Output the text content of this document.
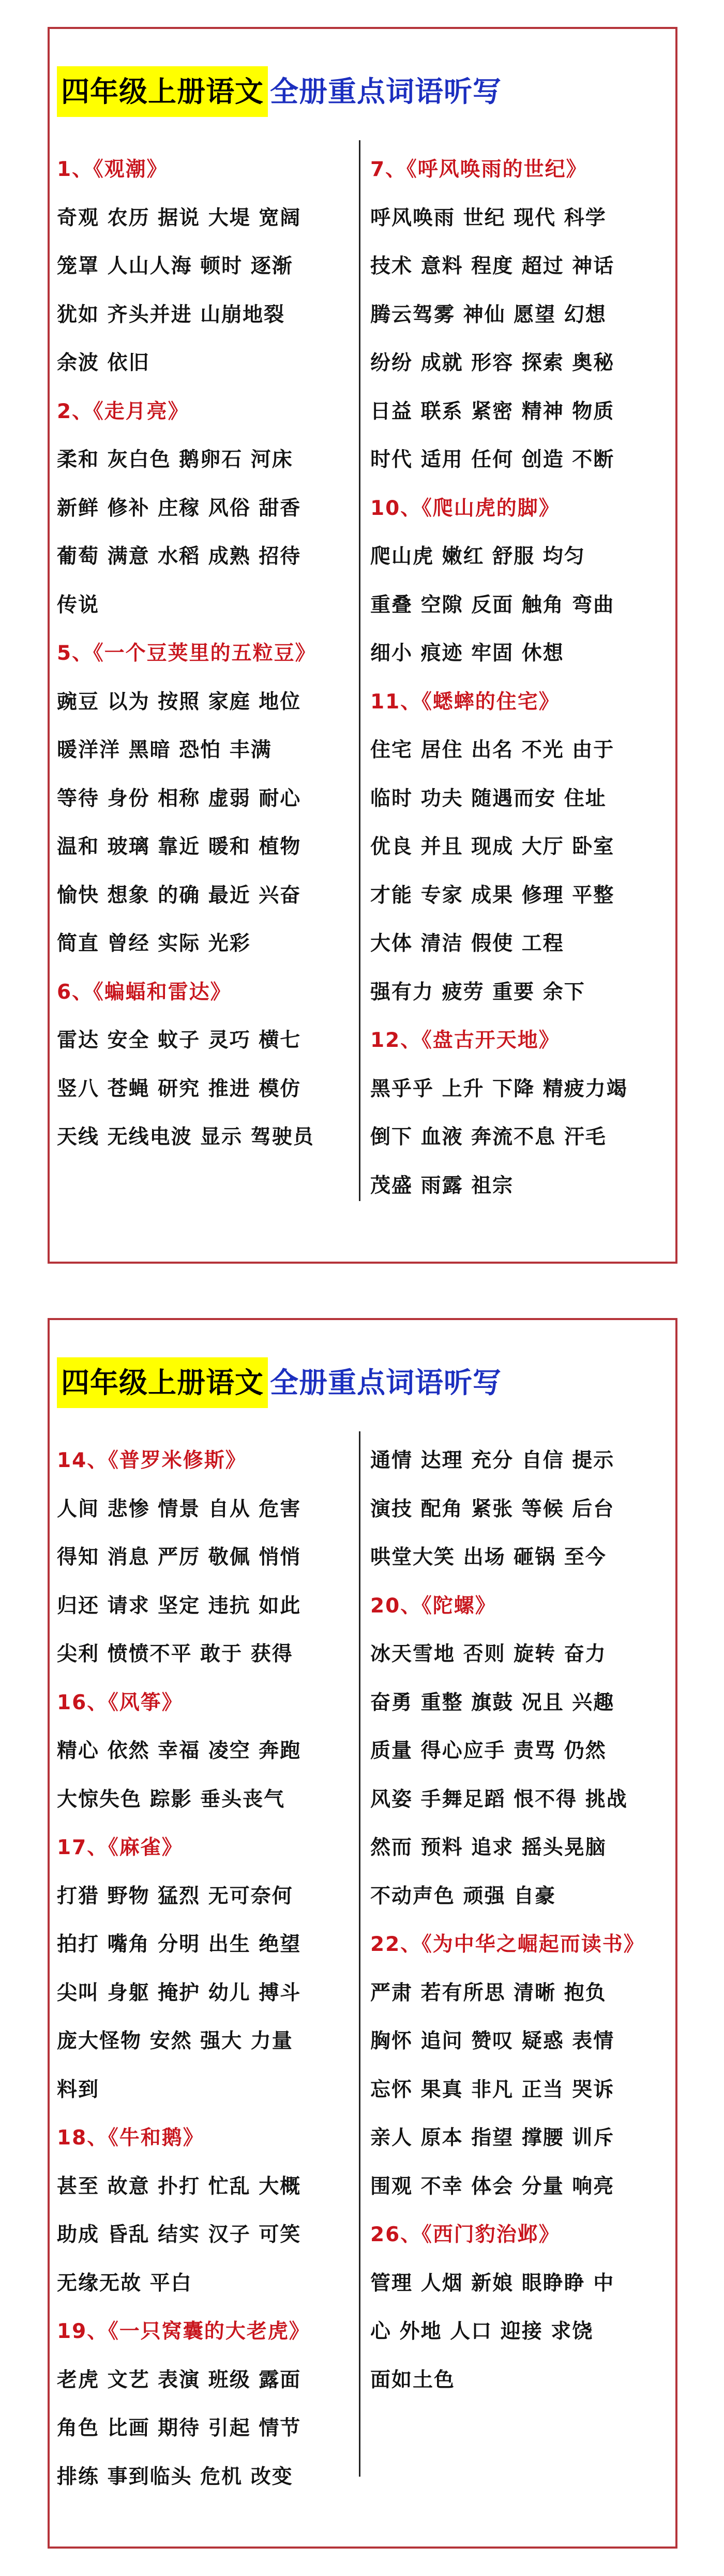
四年级上册语文 全册重点词语听写
1、《观潮》
奇观 农历 据说 大堤 宽阔
笼罩 人山人海 顿时 逐渐
犹如 齐头并进 山崩地裂
余波 依旧
2、《走月亮》
柔和 灰白色 鹅卵石 河床
新鲜 修补 庄稼 风俗 甜香
葡萄 满意 水稻 成熟 招待
传说
5、《一个豆荚里的五粒豆》
豌豆 以为 按照 家庭 地位
暖洋洋 黑暗 恐怕 丰满
等待 身份 相称 虚弱 耐心
温和 玻璃 靠近 暖和 植物
愉快 想象 的确 最近 兴奋
简直 曾经 实际 光彩
6、《蝙蝠和雷达》
雷达 安全 蚊子 灵巧 横七
竖八 苍蝇 研究 推进 模仿
天线 无线电波 显示 驾驶员
7、《呼风唤雨的世纪》
呼风唤雨 世纪 现代 科学
技术 意料 程度 超过 神话
腾云驾雾 神仙 愿望 幻想
纷纷 成就 形容 探索 奥秘
日益 联系 紧密 精神 物质
时代 适用 任何 创造 不断
10、《爬山虎的脚》
爬山虎 嫩红 舒服 均匀
重叠 空隙 反面 触角 弯曲
细小 痕迹 牢固 休想
11、《蟋蟀的住宅》
住宅 居住 出名 不光 由于
临时 功夫 随遇而安 住址
优良 并且 现成 大厅 卧室
才能 专家 成果 修理 平整
大体 清洁 假使 工程
强有力 疲劳 重要 余下
12、《盘古开天地》
黑乎乎 上升 下降 精疲力竭
倒下 血液 奔流不息 汗毛
茂盛 雨露 祖宗
四年级上册语文 全册重点词语听写
14、《普罗米修斯》
人间 悲惨 情景 自从 危害
得知 消息 严厉 敬佩 悄悄
归还 请求 坚定 违抗 如此
尖利 愤愤不平 敢于 获得
16、《风筝》
精心 依然 幸福 凌空 奔跑
大惊失色 踪影 垂头丧气
17、《麻雀》
打猎 野物 猛烈 无可奈何
拍打 嘴角 分明 出生 绝望
尖叫 身躯 掩护 幼儿 搏斗
庞大怪物 安然 强大 力量
料到
18、《牛和鹅》
甚至 故意 扑打 忙乱 大概
助成 昏乱 结实 汉子 可笑
无缘无故 平白
19、《一只窝囊的大老虎》
老虎 文艺 表演 班级 露面
角色 比画 期待 引起 情节
排练 事到临头 危机 改变
通情 达理 充分 自信 提示
演技 配角 紧张 等候 后台
哄堂大笑 出场 砸锅 至今
20、《陀螺》
冰天雪地 否则 旋转 奋力
奋勇 重整 旗鼓 况且 兴趣
质量 得心应手 责骂 仍然
风姿 手舞足蹈 恨不得 挑战
然而 预料 追求 摇头晃脑
不动声色 顽强 自豪
22、《为中华之崛起而读书》
严肃 若有所思 清晰 抱负
胸怀 追问 赞叹 疑惑 表情
忘怀 果真 非凡 正当 哭诉
亲人 原本 指望 撑腰 训斥
围观 不幸 体会 分量 响亮
26、《西门豹治邺》
管理 人烟 新娘 眼睁睁 中
心 外地 人口 迎接 求饶
面如土色
